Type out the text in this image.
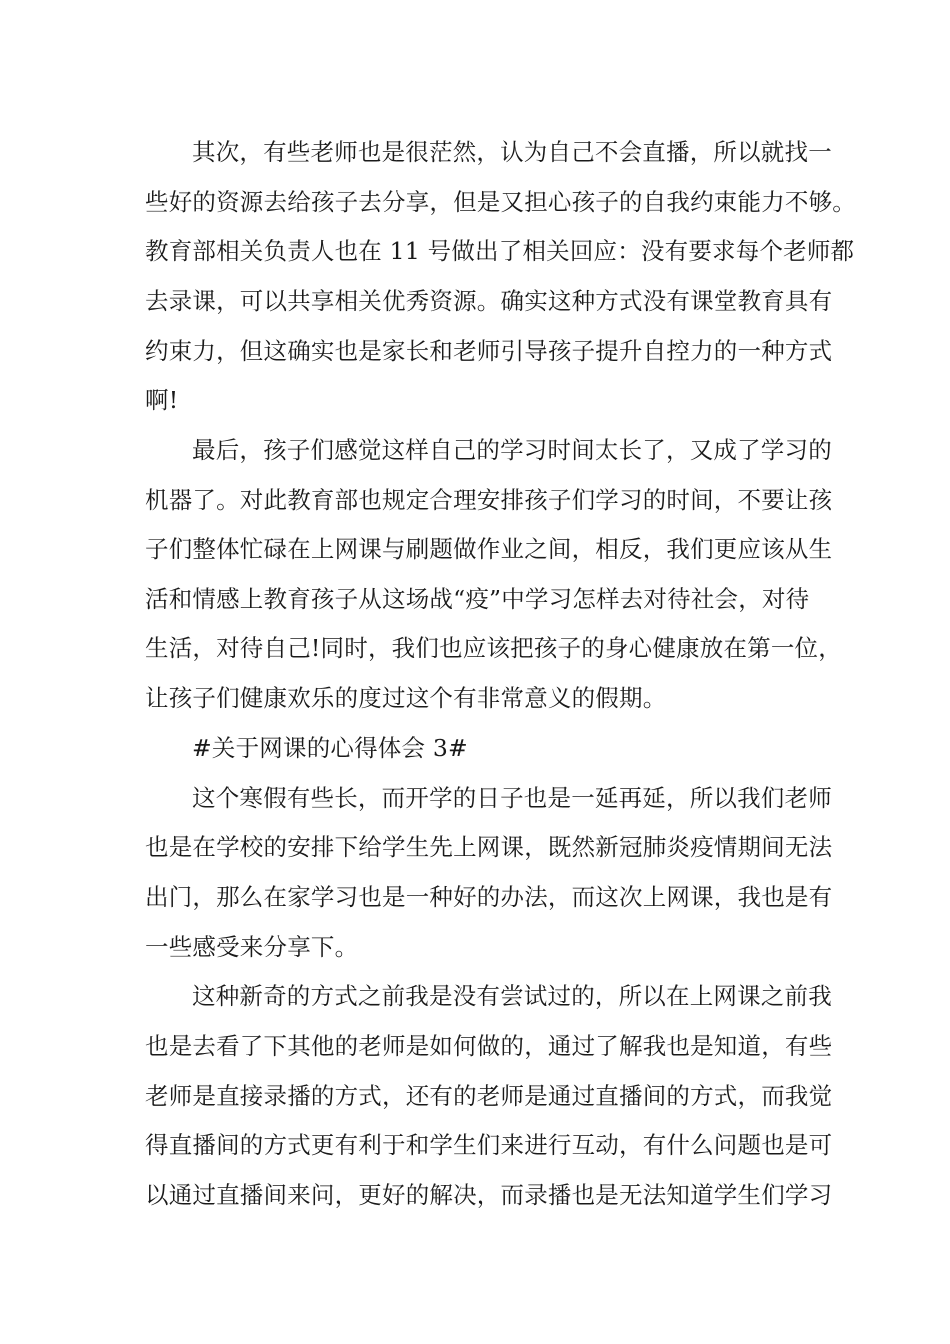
其次，有些老师也是很茫然，认为自己不会直播，所以就找一
些好的资源去给孩子去分享，但是又担心孩子的自我约束能力不够。
教育部相关负责人也在 11 号做出了相关回应：没有要求每个老师都
去录课，可以共享相关优秀资源。确实这种方式没有课堂教育具有
约束力，但这确实也是家长和老师引导孩子提升自控力的一种方式
啊!
最后，孩子们感觉这样自己的学习时间太长了，又成了学习的
机器了。对此教育部也规定合理安排孩子们学习的时间，不要让孩
子们整体忙碌在上网课与刷题做作业之间，相反，我们更应该从生
活和情感上教育孩子从这场战“疫”中学习怎样去对待社会，对待
生活，对待自己!同时，我们也应该把孩子的身心健康放在第一位，
让孩子们健康欢乐的度过这个有非常意义的假期。
#关于网课的心得体会 3#
这个寒假有些长，而开学的日子也是一延再延，所以我们老师
也是在学校的安排下给学生先上网课，既然新冠肺炎疫情期间无法
出门，那么在家学习也是一种好的办法，而这次上网课，我也是有
一些感受来分享下。
这种新奇的方式之前我是没有尝试过的，所以在上网课之前我
也是去看了下其他的老师是如何做的，通过了解我也是知道，有些
老师是直接录播的方式，还有的老师是通过直播间的方式，而我觉
得直播间的方式更有利于和学生们来进行互动，有什么问题也是可
以通过直播间来问，更好的解决，而录播也是无法知道学生们学习
